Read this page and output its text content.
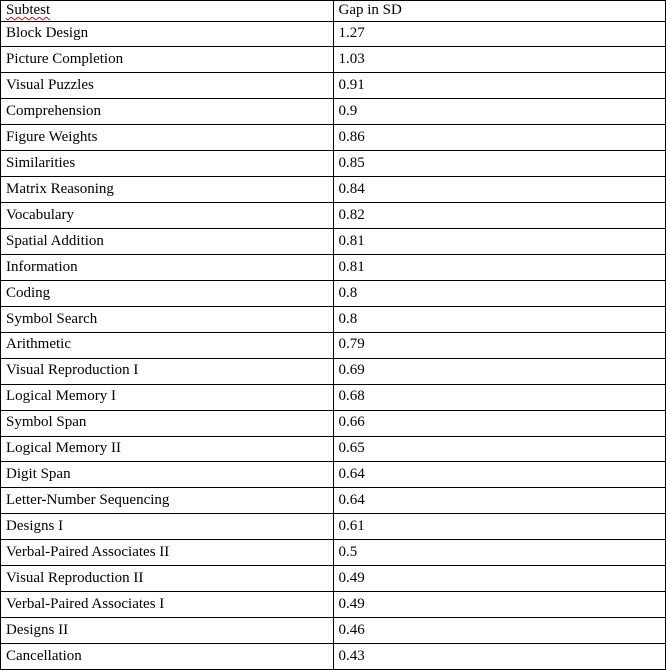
Subtest	Gap in SD
Block Design	1.27
Picture Completion	1.03
Visual Puzzles	0.91
Comprehension	0.9
Figure Weights	0.86
Similarities	0.85
Matrix Reasoning	0.84
Vocabulary	0.82
Spatial Addition	0.81
Information	0.81
Coding	0.8
Symbol Search	0.8
Arithmetic	0.79
Visual Reproduction I	0.69
Logical Memory I	0.68
Symbol Span	0.66
Logical Memory II	0.65
Digit Span	0.64
Letter-Number Sequencing	0.64
Designs I	0.61
Verbal-Paired Associates II	0.5
Visual Reproduction II	0.49
Verbal-Paired Associates I	0.49
Designs II	0.46
Cancellation	0.43
